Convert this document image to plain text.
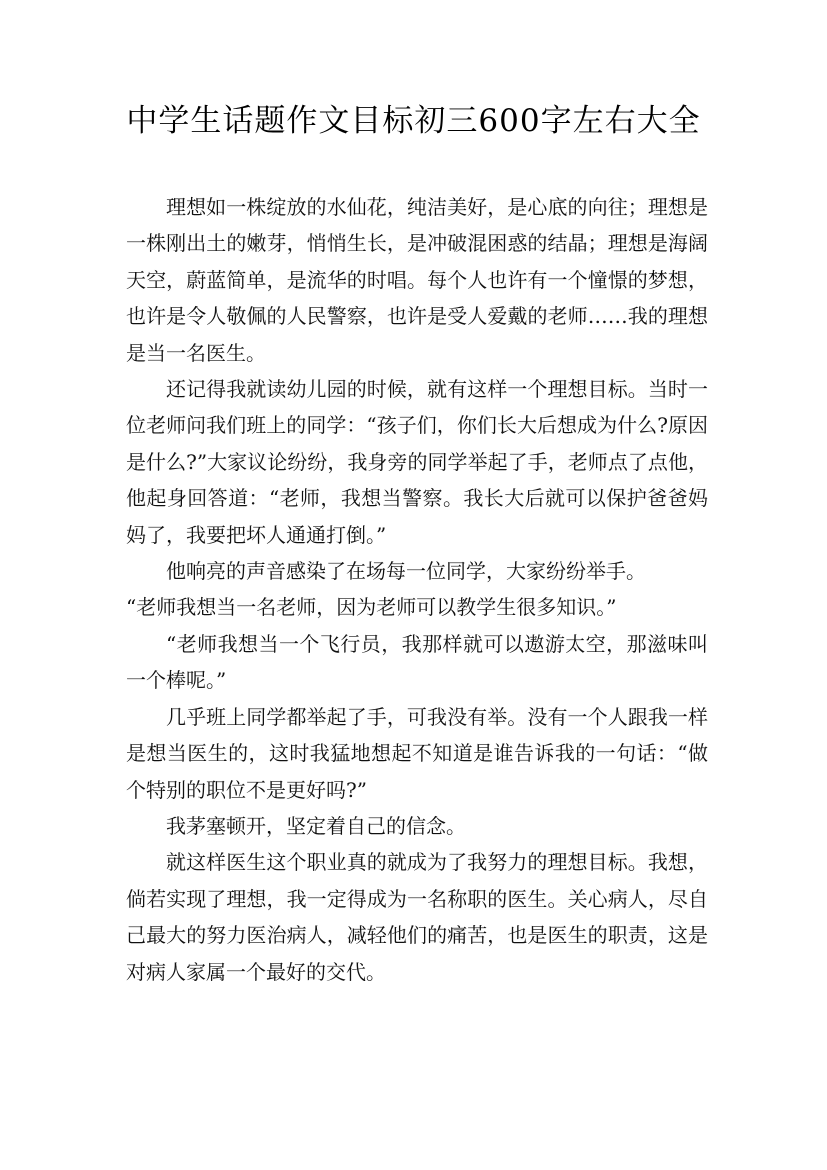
中学生话题作文目标初三600字左右大全

理想如一株绽放的水仙花，纯洁美好，是心底的向往；理想是一株刚出土的嫩芽，悄悄生长，是冲破混困惑的结晶；理想是海阔天空，蔚蓝简单，是流华的时唱。每个人也许有一个憧憬的梦想，也许是令人敬佩的人民警察，也许是受人爱戴的老师……我的理想是当一名医生。

还记得我就读幼儿园的时候，就有这样一个理想目标。当时一位老师问我们班上的同学：“孩子们，你们长大后想成为什么?原因是什么?”大家议论纷纷，我身旁的同学举起了手，老师点了点他，他起身回答道：“老师，我想当警察。我长大后就可以保护爸爸妈妈了，我要把坏人通通打倒。”

他响亮的声音感染了在场每一位同学，大家纷纷举手。

“老师我想当一名老师，因为老师可以教学生很多知识。”

“老师我想当一个飞行员，我那样就可以遨游太空，那滋味叫一个棒呢。”

几乎班上同学都举起了手，可我没有举。没有一个人跟我一样是想当医生的，这时我猛地想起不知道是谁告诉我的一句话：“做个特别的职位不是更好吗?”

我茅塞顿开，坚定着自己的信念。

就这样医生这个职业真的就成为了我努力的理想目标。我想，倘若实现了理想，我一定得成为一名称职的医生。关心病人，尽自己最大的努力医治病人，减轻他们的痛苦，也是医生的职责，这是对病人家属一个最好的交代。
